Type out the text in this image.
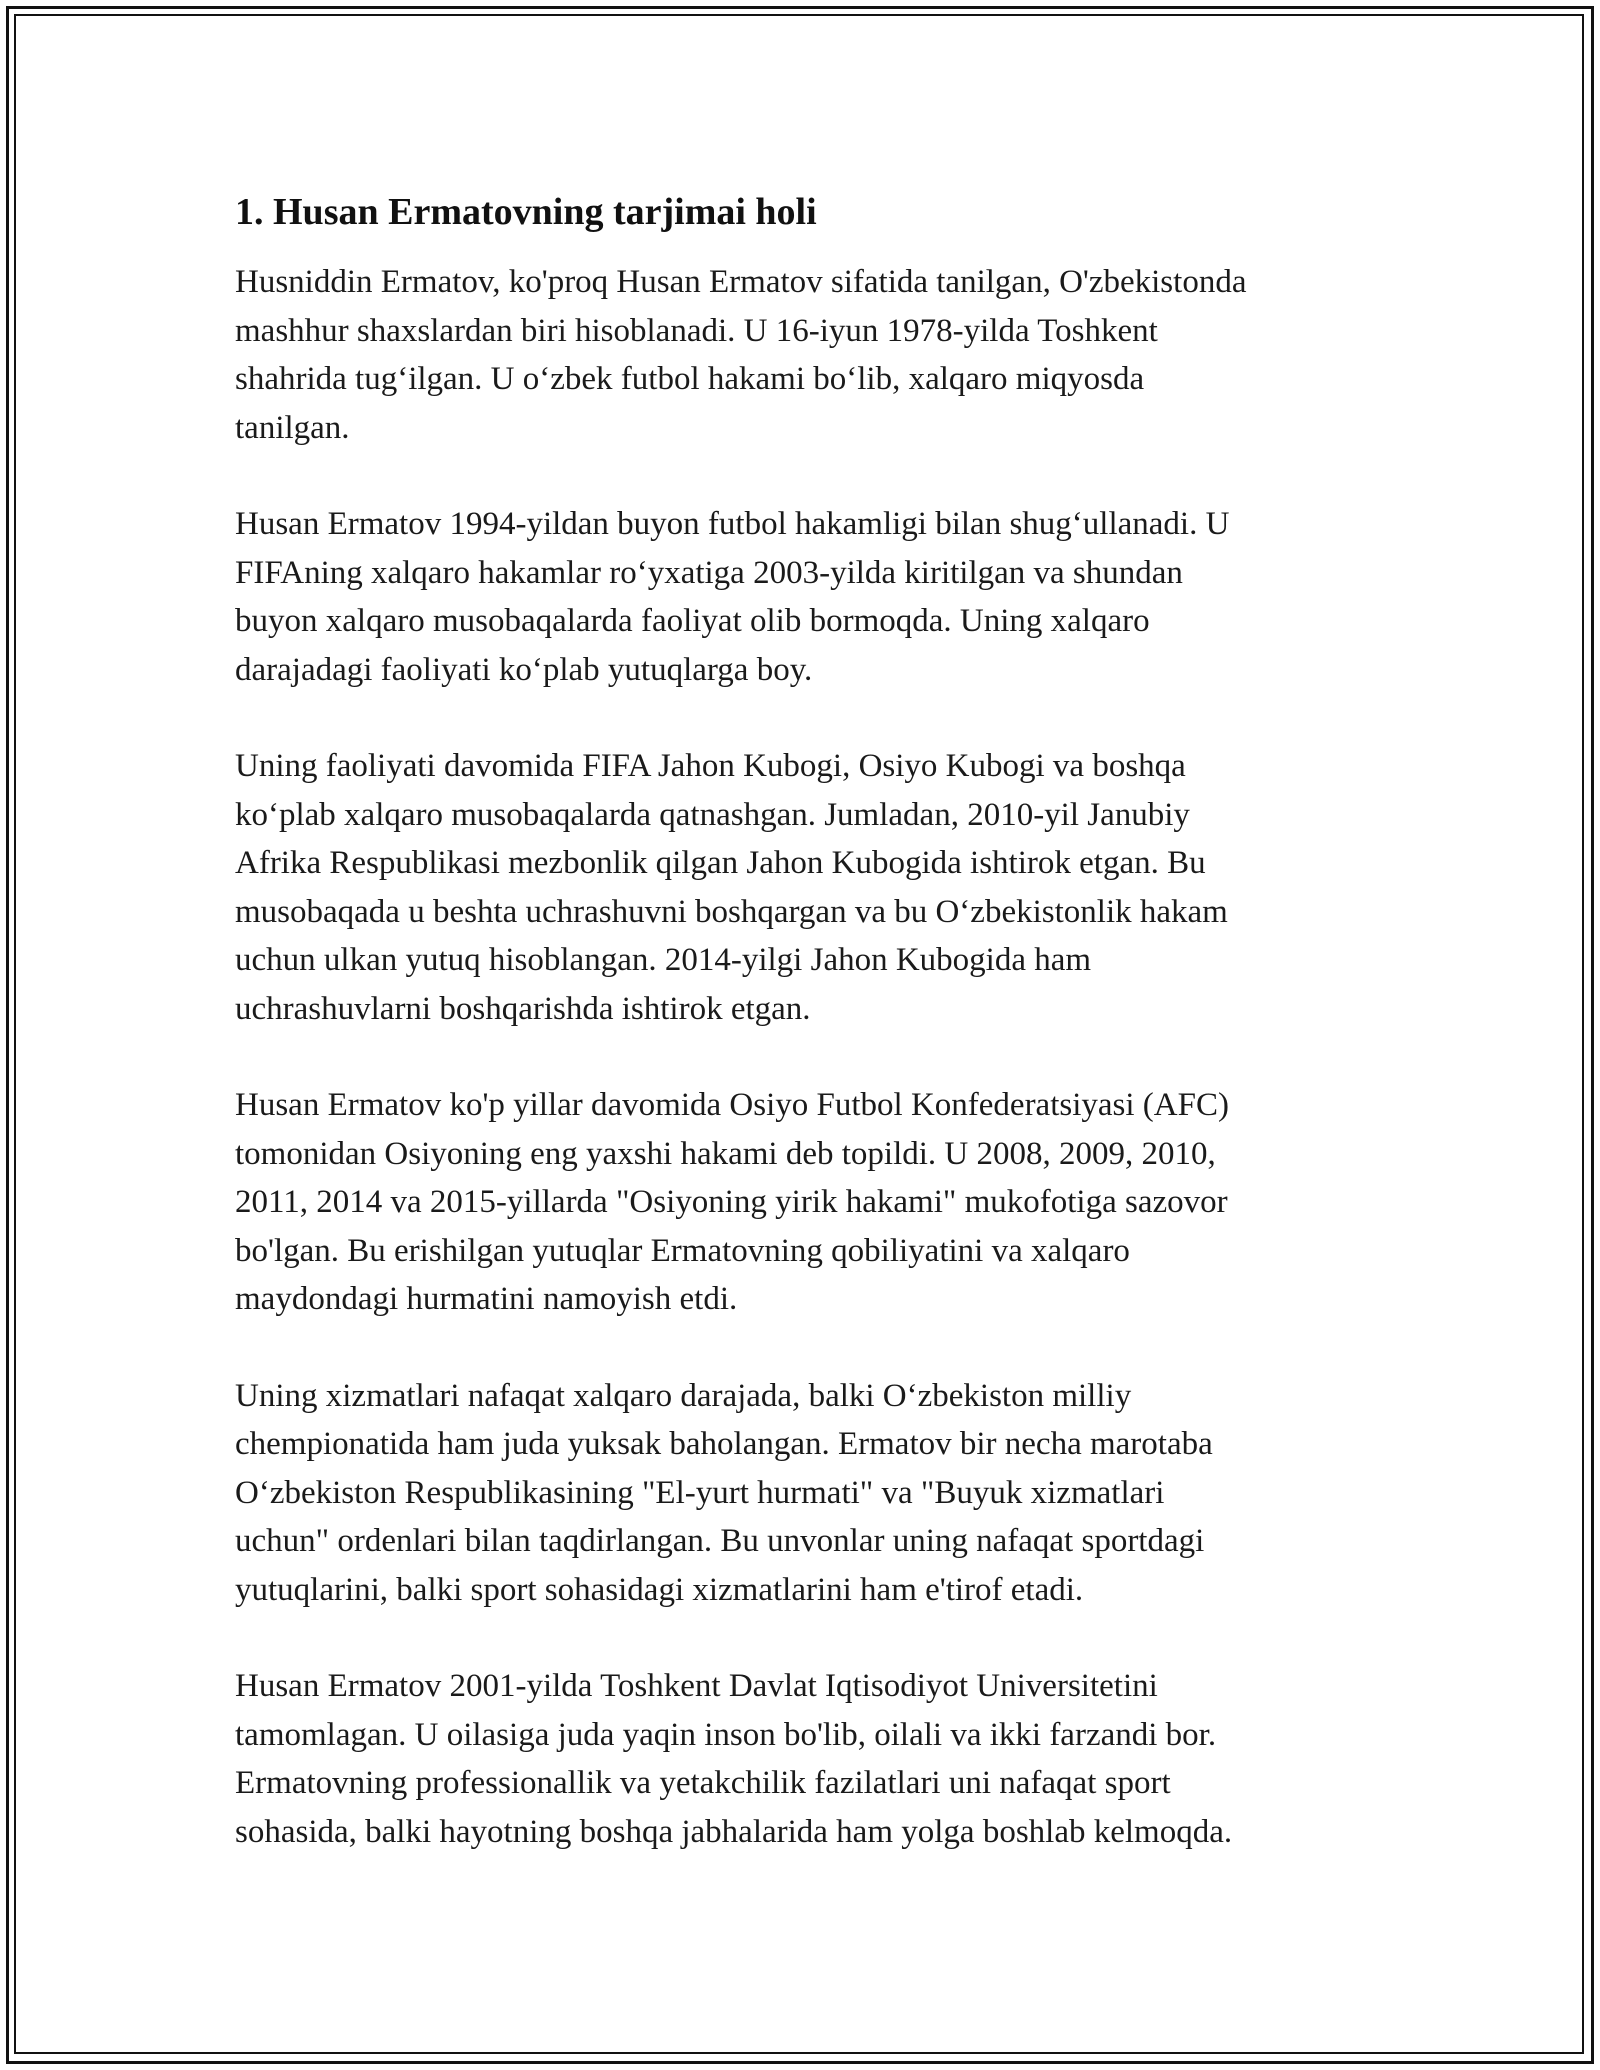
1. Husan Ermatovning tarjimai holi
Husniddin Ermatov, ko'proq Husan Ermatov sifatida tanilgan, O'zbekistonda
mashhur shaxslardan biri hisoblanadi. U 16-iyun 1978-yilda Toshkent
shahrida tug‘ilgan. U o‘zbek futbol hakami bo‘lib, xalqaro miqyosda
tanilgan.
Husan Ermatov 1994-yildan buyon futbol hakamligi bilan shug‘ullanadi. U
FIFAning xalqaro hakamlar ro‘yxatiga 2003-yilda kiritilgan va shundan
buyon xalqaro musobaqalarda faoliyat olib bormoqda. Uning xalqaro
darajadagi faoliyati ko‘plab yutuqlarga boy.
Uning faoliyati davomida FIFA Jahon Kubogi, Osiyo Kubogi va boshqa
ko‘plab xalqaro musobaqalarda qatnashgan. Jumladan, 2010-yil Janubiy
Afrika Respublikasi mezbonlik qilgan Jahon Kubogida ishtirok etgan. Bu
musobaqada u beshta uchrashuvni boshqargan va bu O‘zbekistonlik hakam
uchun ulkan yutuq hisoblangan. 2014-yilgi Jahon Kubogida ham
uchrashuvlarni boshqarishda ishtirok etgan.
Husan Ermatov ko'p yillar davomida Osiyo Futbol Konfederatsiyasi (AFC)
tomonidan Osiyoning eng yaxshi hakami deb topildi. U 2008, 2009, 2010,
2011, 2014 va 2015-yillarda "Osiyoning yirik hakami" mukofotiga sazovor
bo'lgan. Bu erishilgan yutuqlar Ermatovning qobiliyatini va xalqaro
maydondagi hurmatini namoyish etdi.
Uning xizmatlari nafaqat xalqaro darajada, balki O‘zbekiston milliy
chempionatida ham juda yuksak baholangan. Ermatov bir necha marotaba
O‘zbekiston Respublikasining "El-yurt hurmati" va "Buyuk xizmatlari
uchun" ordenlari bilan taqdirlangan. Bu unvonlar uning nafaqat sportdagi
yutuqlarini, balki sport sohasidagi xizmatlarini ham e'tirof etadi.
Husan Ermatov 2001-yilda Toshkent Davlat Iqtisodiyot Universitetini
tamomlagan. U oilasiga juda yaqin inson bo'lib, oilali va ikki farzandi bor.
Ermatovning professionallik va yetakchilik fazilatlari uni nafaqat sport
sohasida, balki hayotning boshqa jabhalarida ham yolga boshlab kelmoqda.
